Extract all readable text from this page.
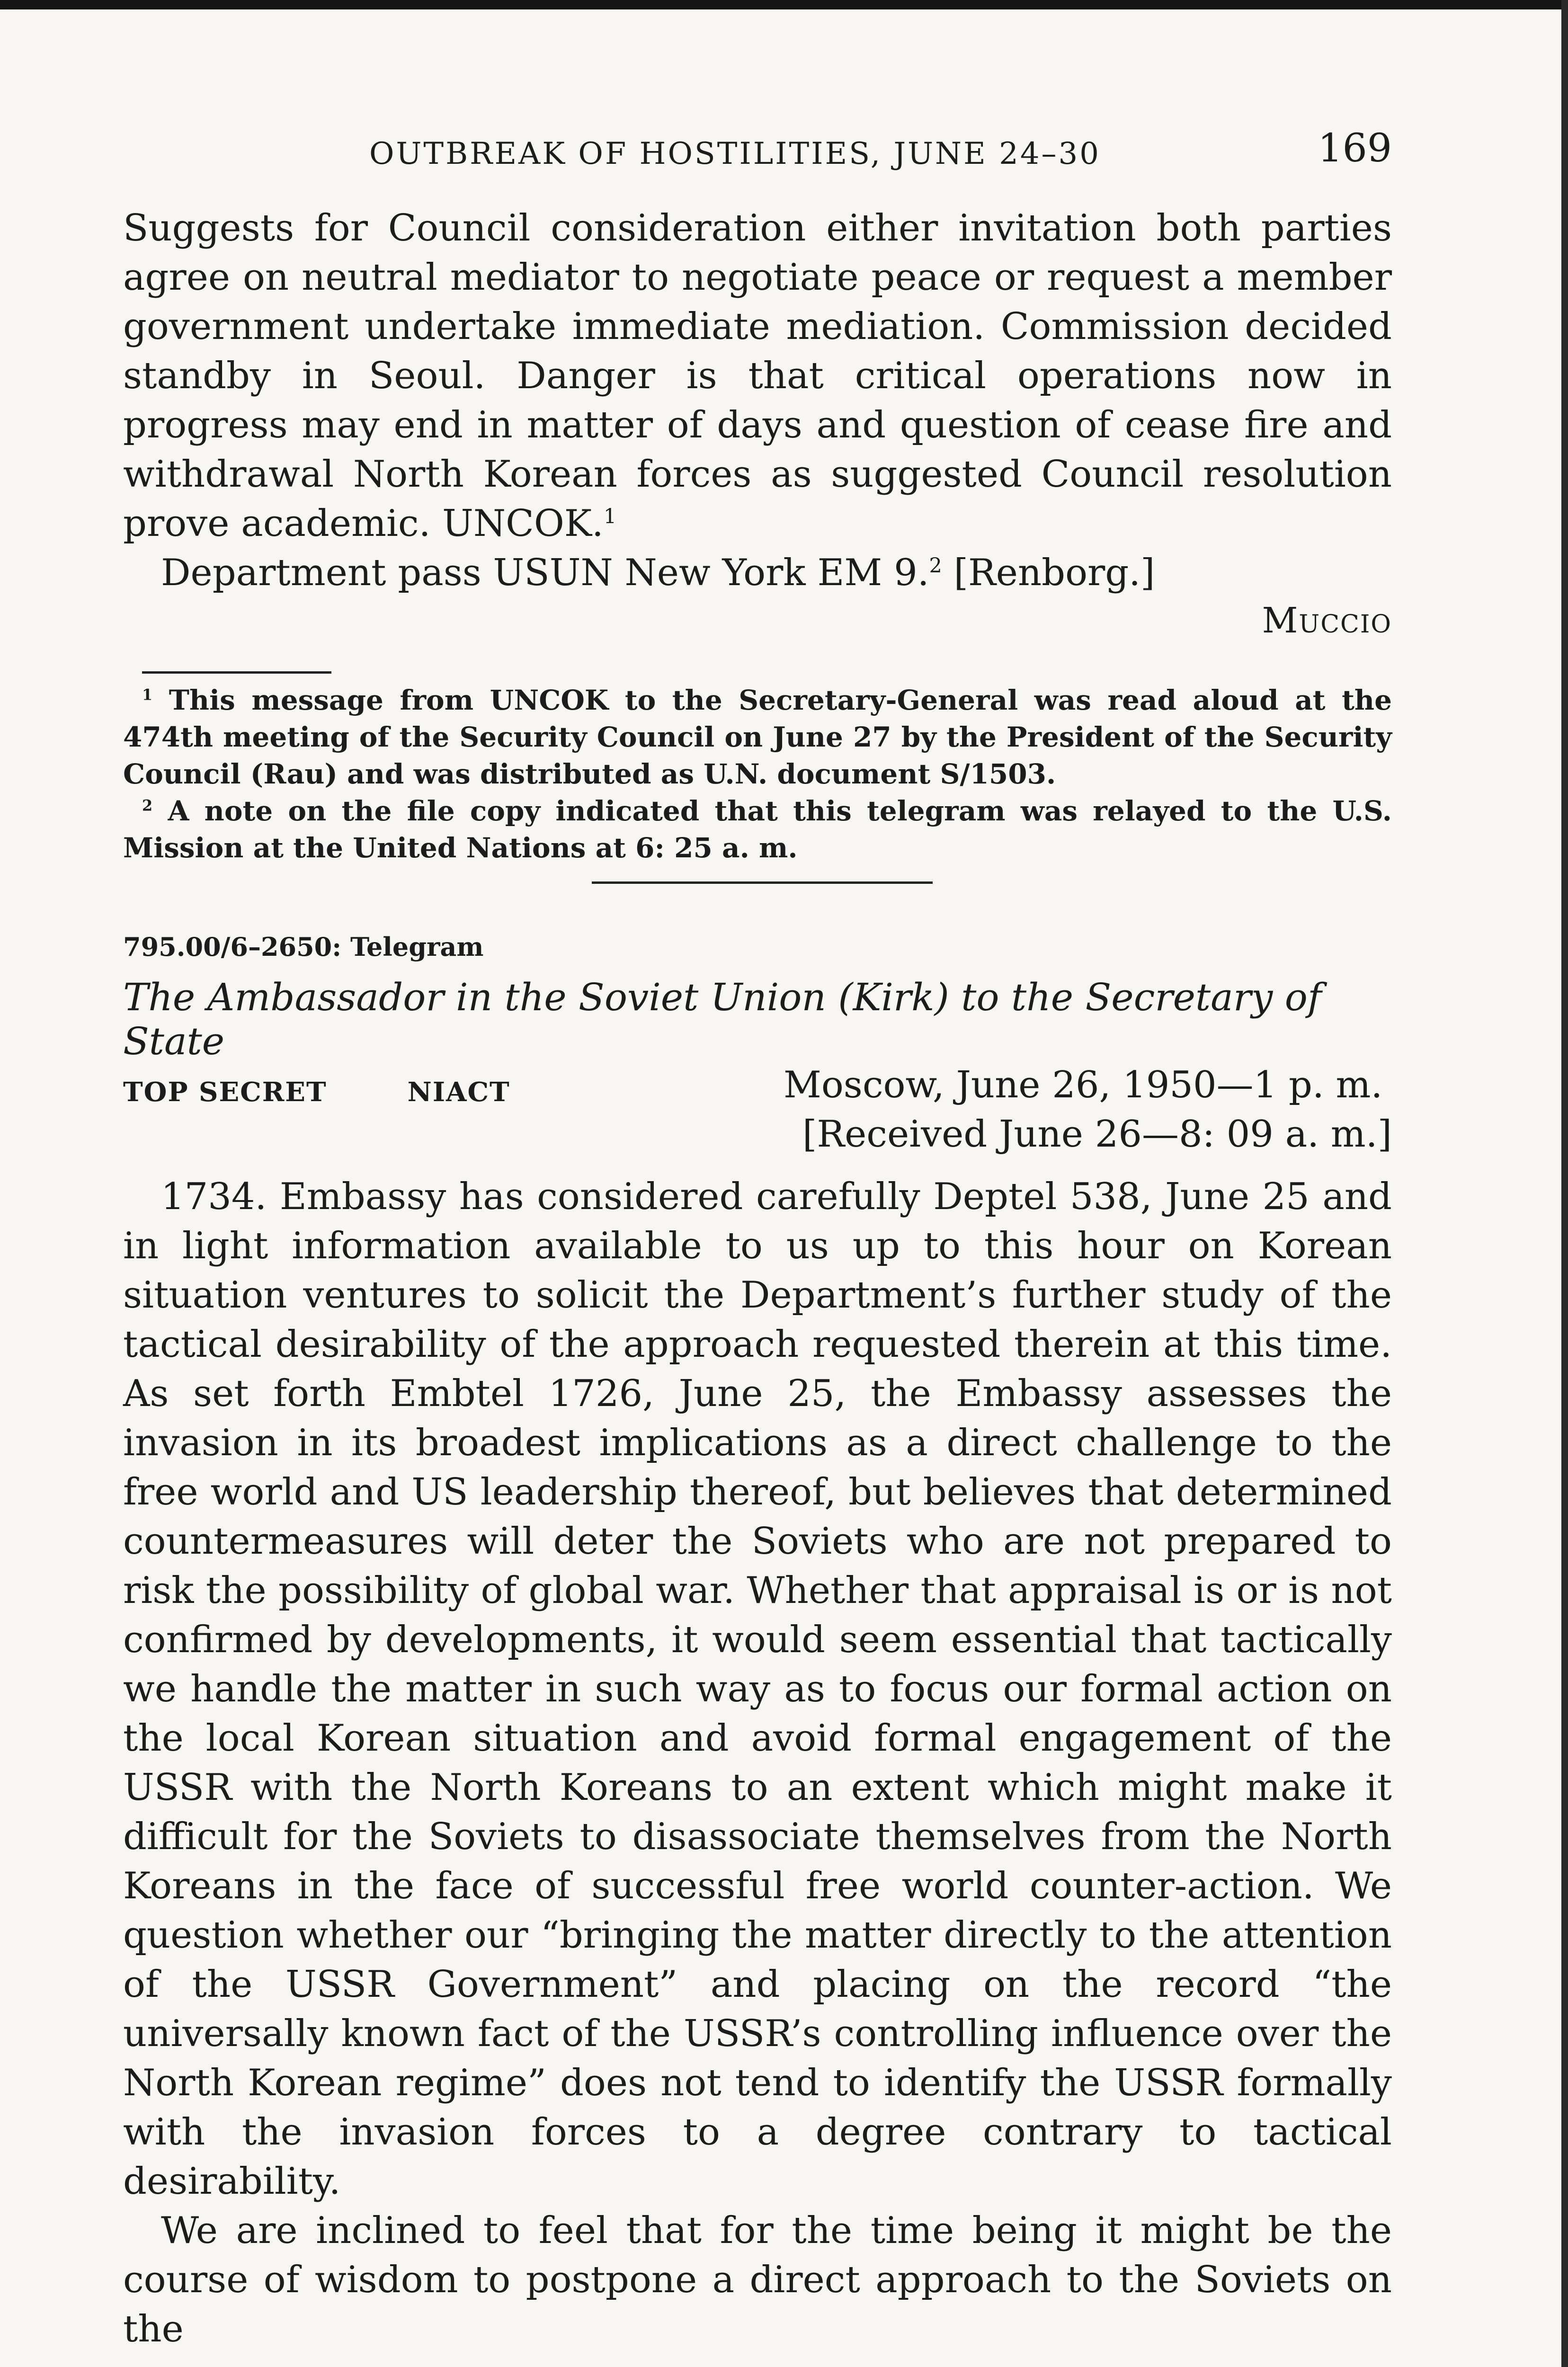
OUTBREAK OF HOSTILITIES, JUNE 24–30	169

Suggests for Council consideration either invitation both parties agree on neutral mediator to negotiate peace or request a member government undertake immediate mediation. Commission decided standby in Seoul. Danger is that critical operations now in progress may end in matter of days and question of cease fire and withdrawal North Korean forces as suggested Council resolution prove academic. UNCOK.$^1$

Department pass USUN New York EM 9.$^2$ [Renborg.]

Muccio

$^1$ This message from UNCOK to the Secretary-General was read aloud at the 474th meeting of the Security Council on June 27 by the President of the Security Council (Rau) and was distributed as U.N. document S/1503.

$^2$ A note on the file copy indicated that this telegram was relayed to the U.S. Mission at the United Nations at 6: 25 a. m.

795.00/6–2650: Telegram
The Ambassador in the Soviet Union (Kirk) to the Secretary of State
TOP SECRET	NIACT	Moscow, June 26, 1950—1 p. m.
[Received June 26—8: 09 a. m.]

1734. Embassy has considered carefully Deptel 538, June 25 and in light information available to us up to this hour on Korean situation ventures to solicit the Department’s further study of the tactical desirability of the approach requested therein at this time. As set forth Embtel 1726, June 25, the Embassy assesses the invasion in its broadest implications as a direct challenge to the free world and US leadership thereof, but believes that determined countermeasures will deter the Soviets who are not prepared to risk the possibility of global war. Whether that appraisal is or is not confirmed by developments, it would seem essential that tactically we handle the matter in such way as to focus our formal action on the local Korean situation and avoid formal engagement of the USSR with the North Koreans to an extent which might make it difficult for the Soviets to disassociate themselves from the North Koreans in the face of successful free world counter-action. We question whether our “bringing the matter directly to the attention of the USSR Government” and placing on the record “the universally known fact of the USSR’s controlling influence over the North Korean regime” does not tend to identify the USSR formally with the invasion forces to a degree contrary to tactical desirability.

We are inclined to feel that for the time being it might be the course of wisdom to postpone a direct approach to the Soviets on the
